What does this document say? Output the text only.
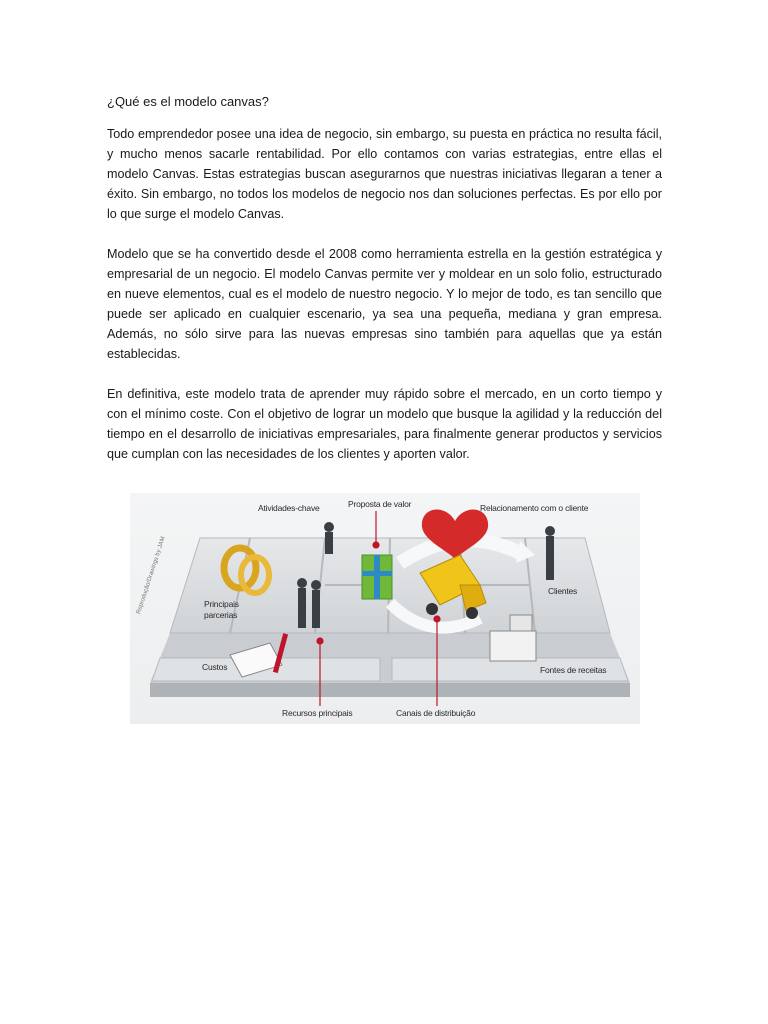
¿Qué es el modelo canvas?

Todo emprendedor posee una idea de negocio, sin embargo, su puesta en práctica no resulta fácil, y mucho menos sacarle rentabilidad. Por ello contamos con varias estrategias, entre ellas el modelo Canvas. Estas estrategias buscan asegurarnos que nuestras iniciativas llegaran a tener a éxito. Sin embargo, no todos los modelos de negocio nos dan soluciones perfectas. Es por ello por lo que surge el modelo Canvas.

Modelo que se ha convertido desde el 2008 como herramienta estrella en la gestión estratégica y empresarial de un negocio. El modelo Canvas permite ver y moldear en un solo folio, estructurado en nueve elementos, cual es el modelo de nuestro negocio. Y lo mejor de todo, es tan sencillo que puede ser aplicado en cualquier escenario, ya sea una pequeña, mediana y gran empresa. Además, no sólo sirve para las nuevas empresas sino también para aquellas que ya están establecidas.

En definitiva, este modelo trata de aprender muy rápido sobre el mercado, en un corto tiempo y con el mínimo coste. Con el objetivo de lograr un modelo que busque la agilidad y la reducción del tiempo en el desarrollo de iniciativas empresariales, para finalmente generar productos y servicios que cumplan con las necesidades de los clientes y aporten valor.

Atividades-chave	Proposta de valor	Relacionamento com o cliente
Clientes
Principais parcerias
Custos	Fontes de receitas
Recursos principais	Canais de distribuição
Reprodução/Drawings by JAM
